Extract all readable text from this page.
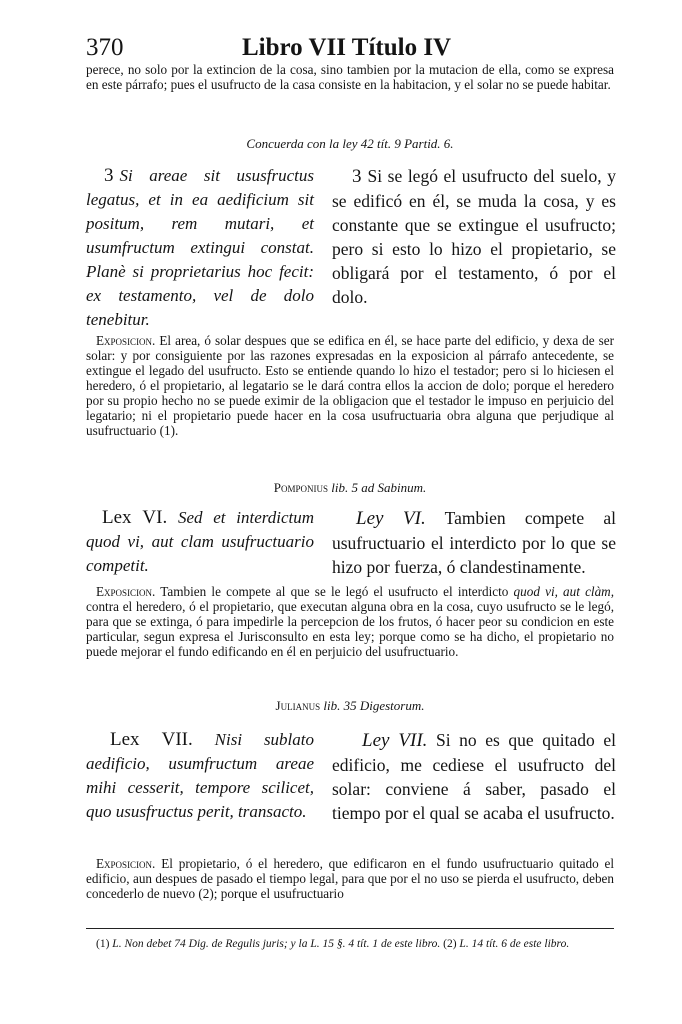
370	Libro VII Título IV

perece, no solo por la extincion de la cosa, sino tambien por la mutacion de ella, como se expresa en este párrafo; pues el usufructo de la casa consiste en la habitacion, y el solar no se puede habitar.

Concuerda con la ley 42 tít. 9 Partid. 6.
3 Si areae sit ususfructus legatus, et in ea aedificium sit positum, rem mutari, et usumfructum extingui constat. Planè si proprietarius hoc fecit: ex testamento, vel de dolo tenebitur.
3 Si se legó el usufructo del suelo, y se edificó en él, se muda la cosa, y es constante que se extingue el usufructo; pero si esto lo hizo el propietario, se obligará por el testamento, ó por el dolo.

Exposicion. El area, ó solar despues que se edifica en él, se hace parte del edificio, y dexa de ser solar: y por consiguiente por las razones expresadas en la exposicion al párrafo antecedente, se extingue el legado del usufructo. Esto se entiende quando lo hizo el testador; pero si lo hiciesen el heredero, ó el propietario, al legatario se le dará contra ellos la accion de dolo; porque el heredero por su propio hecho no se puede eximir de la obligacion que el testador le impuso en perjuicio del legatario; ni el propietario puede hacer en la cosa usufructuaria obra alguna que perjudique al usufructuario (1).

Pomponius lib. 5 ad Sabinum.
Lex VI. Sed et interdictum quod vi, aut clam usufructuario competit.
Ley VI. Tambien compete al usufructuario el interdicto por lo que se hizo por fuerza, ó clandestinamente.

Exposicion. Tambien le compete al que se le legó el usufructo el interdicto quod vi, aut clàm, contra el heredero, ó el propietario, que executan alguna obra en la cosa, cuyo usufructo se le legó, para que se extinga, ó para impedirle la percepcion de los frutos, ó hacer peor su condicion en este particular, segun expresa el Jurisconsulto en esta ley; porque como se ha dicho, el propietario no puede mejorar el fundo edificando en él en perjuicio del usufructuario.

Julianus lib. 35 Digestorum.
Lex VII. Nisi sublato aedificio, usumfructum areae mihi cesserit, tempore scilicet, quo ususfructus perit, transacto.
Ley VII. Si no es que quitado el edificio, me cediese el usufructo del solar: conviene á saber, pasado el tiempo por el qual se acaba el usufructo.

Exposicion. El propietario, ó el heredero, que edificaron en el fundo usufructuario quitado el edificio, aun despues de pasado el tiempo legal, para que por el no uso se pierda el usufructo, deben concederlo de nuevo (2); porque el usufructuario

(1) L. Non debet 74 Dig. de Regulis juris; y la L. 15 §. 4 tít. 1 de este libro. (2) L. 14 tít. 6 de este libro.
